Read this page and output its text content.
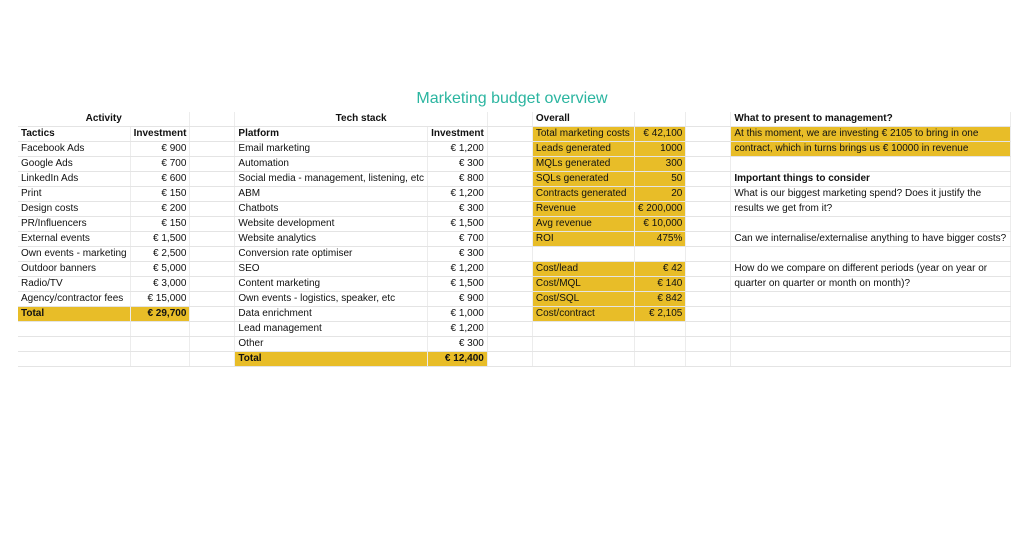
Marketing budget overview
Activity			Tech stack			Overall			What to present to management?
Tactics	Investment		Platform	Investment		Total marketing costs	€ 42,100		At this moment, we are investing € 2105 to bring in one
Facebook Ads	€ 900		Email marketing	€ 1,200		Leads generated	1000		contract, which in turns brings us € 10000 in revenue
Google Ads	€ 700		Automation	€ 300		MQLs generated	300		
LinkedIn Ads	€ 600		Social media - management, listening, etc	€ 800		SQLs generated	50		Important things to consider
Print	€ 150		ABM	€ 1,200		Contracts generated	20		What is our biggest marketing spend? Does it justify the
Design costs	€ 200		Chatbots	€ 300		Revenue	€ 200,000		results we get from it?
PR/Influencers	€ 150		Website development	€ 1,500		Avg revenue	€ 10,000		
External events	€ 1,500		Website analytics	€ 700		ROI	475%		Can we internalise/externalise anything to have bigger costs?
Own events - marketing	€ 2,500		Conversion rate optimiser	€ 300					
Outdoor banners	€ 5,000		SEO	€ 1,200		Cost/lead	€ 42		How do we compare on different periods (year on year or
Radio/TV	€ 3,000		Content marketing	€ 1,500		Cost/MQL	€ 140		quarter on quarter or month on month)?
Agency/contractor fees	€ 15,000		Own events - logistics, speaker, etc	€ 900		Cost/SQL	€ 842		
Total	€ 29,700		Data enrichment	€ 1,000		Cost/contract	€ 2,105		
			Lead management	€ 1,200					
			Other	€ 300					
			Total	€ 12,400					
